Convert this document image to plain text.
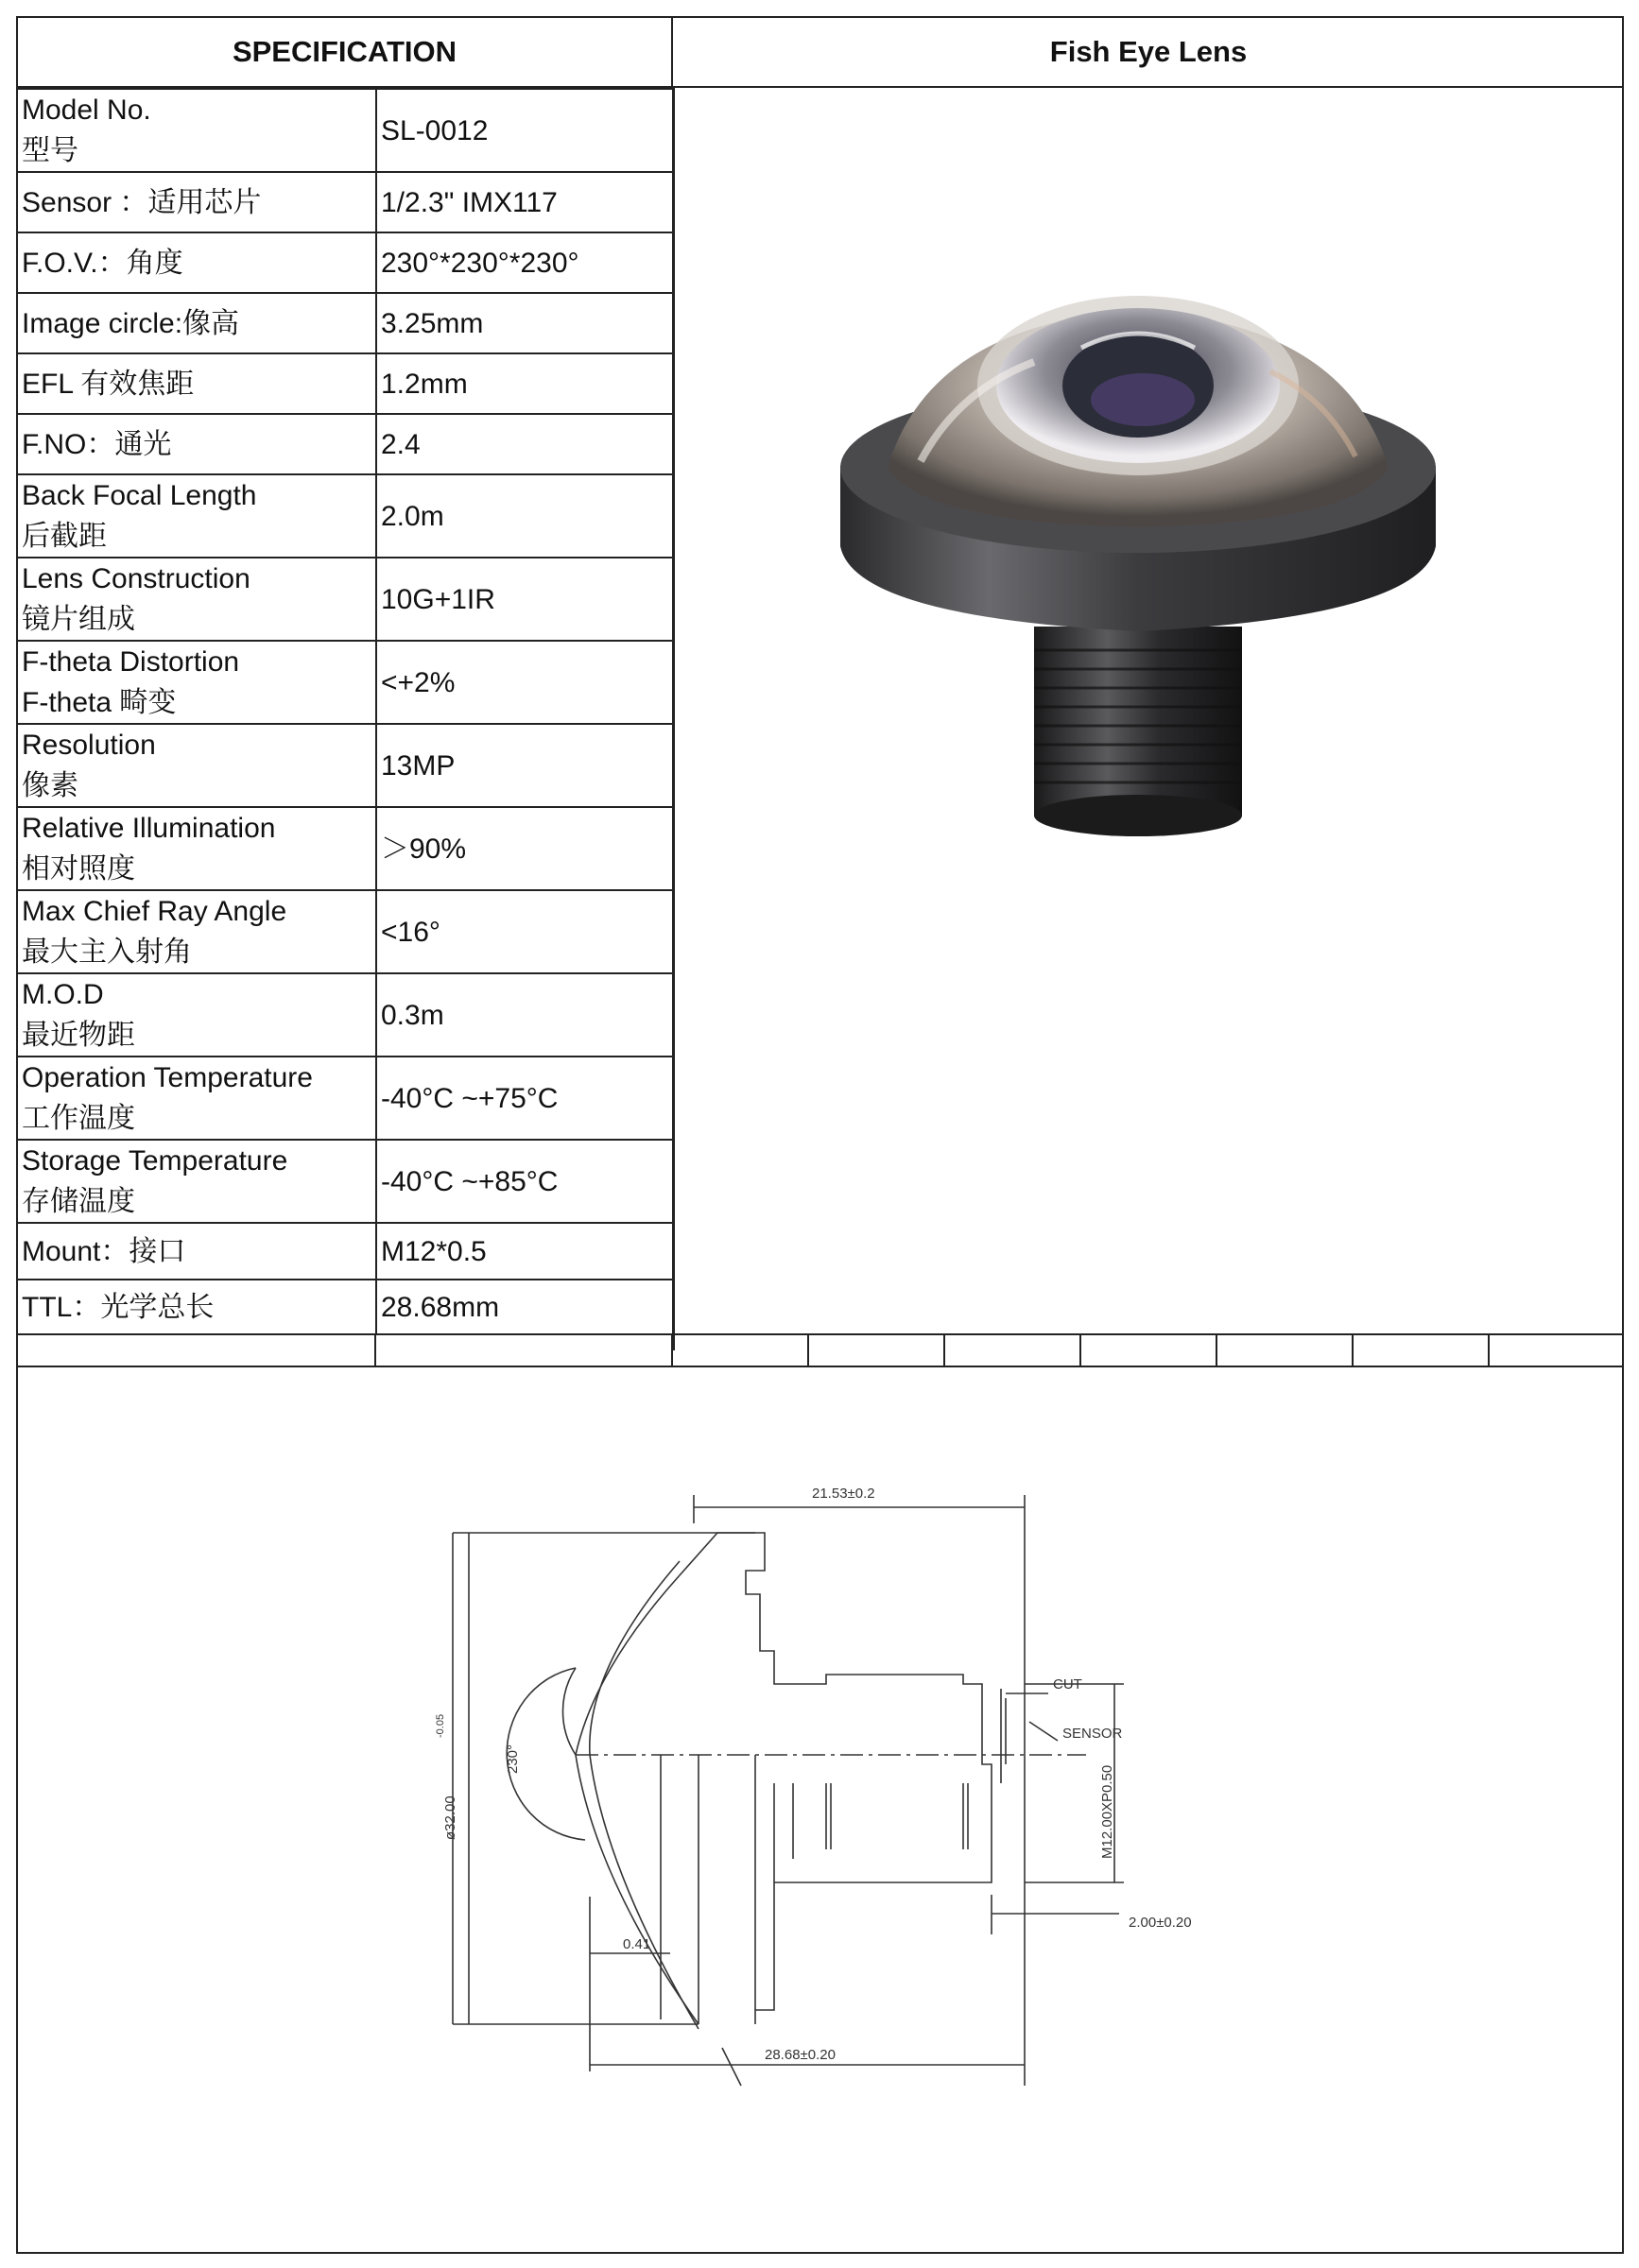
SPECIFICATION	Fish Eye Lens
Model No.
型号	SL-0012

Sensor ：适用芯片	1/2.3" IMX117

F.O.V.：角度	230°*230°*230°

Image circle:像高	3.25mm

EFL 有效焦距	1.2mm

F.NO：通光	2.4

Back Focal Length
后截距	2.0m

Lens Construction
镜片组成	10G+1IR

F-theta Distortion
F-theta 畸变	<+2%

Resolution
像素	13MP

Relative Illumination
相对照度	＞90%

Max Chief Ray Angle
最大主入射角	<16°

M.O.D
最近物距	0.3m

Operation Temperature
工作温度	-40°C ~+75°C

Storage Temperature
存储温度	-40°C ~+85°C

Mount：接口	M12*0.5

TTL：光学总长	28.68mm
21.53±0.2
CUT
SENSOR
2.00±0.20
0.41
28.68±0.20
ø32.00
-0.05
230°
M12.00XP0.50
